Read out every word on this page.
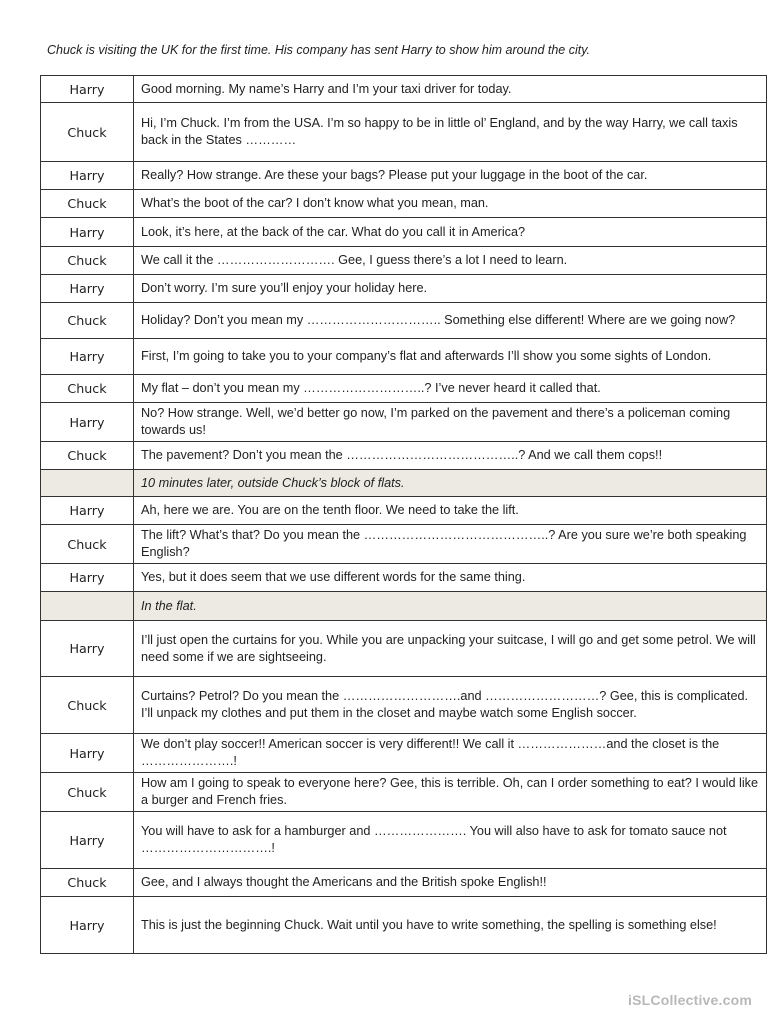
Chuck is visiting the UK for the first time. His company has sent Harry to show him around the city.
Harry	Good morning. My name’s Harry and I’m your taxi driver for today.
Chuck	Hi, I’m Chuck. I’m from the USA. I’m so happy to be in little ol’ England, and by the way Harry, we call taxis back in the States …………
Harry	Really? How strange. Are these your bags? Please put your luggage in the boot of the car.
Chuck	What’s the boot of the car? I don’t know what you mean, man.
Harry	Look, it’s here, at the back of the car. What do you call it in America?
Chuck	We call it the ………………………. Gee, I guess there’s a lot I need to learn.
Harry	Don’t worry. I’m sure you’ll enjoy your holiday here.
Chuck	Holiday? Don’t you mean my ………………………….. Something else different! Where are we going now?
Harry	First, I’m going to take you to your company’s flat and afterwards I’ll show you some sights of London.
Chuck	My flat – don’t you mean my ………………………..? I’ve never heard it called that.
Harry	No? How strange. Well, we’d better go now, I’m parked on the pavement and there’s a policeman coming towards us!
Chuck	The pavement? Don’t you mean the …………………………………..? And we call them cops!!
	10 minutes later, outside Chuck’s block of flats.
Harry	Ah, here we are. You are on the tenth floor. We need to take the lift.
Chuck	The lift? What’s that? Do you mean the ……………………………………..? Are you sure we’re both speaking English?
Harry	Yes, but it does seem that we use different words for the same thing.
	In the flat.
Harry	I’ll just open the curtains for you. While you are unpacking your suitcase, I will go and get some petrol. We will need some if we are sightseeing.
Chuck	Curtains? Petrol? Do you mean the ……………………….and ………………………? Gee, this is complicated. I’ll unpack my clothes and put them in the closet and maybe watch some English soccer.
Harry	We don’t play soccer!! American soccer is very different!! We call it …………………and the closet is the ………………….!
Chuck	How am I going to speak to everyone here? Gee, this is terrible. Oh, can I order something to eat? I would like a burger and French fries.
Harry	You will have to ask for a hamburger and …………………. You will also have to ask for tomato sauce not ………………………….!
Chuck	Gee, and I always thought the Americans and the British spoke English!!
Harry	This is just the beginning Chuck. Wait until you have to write something, the spelling is something else!
iSLCollective.com
